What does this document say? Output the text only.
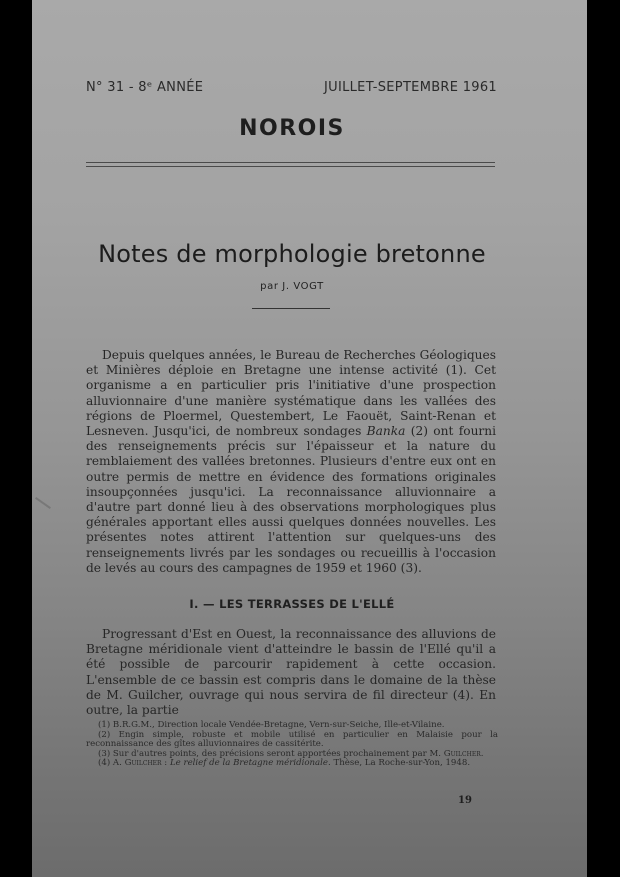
N° 31 - 8ᵉ ANNÉE	JUILLET-SEPTEMBRE 1961
NOROIS
Notes de morphologie bretonne
par J. VOGT
Depuis quelques années, le Bureau de Recherches Géologiques et Minières déploie en Bretagne une intense activité (1). Cet organisme a en particulier pris l'initiative d'une prospection alluvionnaire d'une manière systématique dans les vallées des régions de Ploermel, Questembert, Le Faouët, Saint-Renan et Lesneven. Jusqu'ici, de nombreux sondages Banka (2) ont fourni des renseignements précis sur l'épaisseur et la nature du remblaiement des vallées bretonnes. Plusieurs d'entre eux ont en outre permis de mettre en évidence des formations originales insoupçonnées jusqu'ici. La reconnaissance alluvionnaire a d'autre part donné lieu à des observations morphologiques plus générales apportant elles aussi quelques données nouvelles. Les présentes notes attirent l'attention sur quelques-uns des renseignements livrés par les sondages ou recueillis à l'occasion de levés au cours des campagnes de 1959 et 1960 (3).
I. — LES TERRASSES DE L'ELLÉ
Progressant d'Est en Ouest, la reconnaissance des alluvions de Bretagne méridionale vient d'atteindre le bassin de l'Ellé qu'il a été possible de parcourir rapidement à cette occasion. L'ensemble de ce bassin est compris dans le domaine de la thèse de M. Guilcher, ouvrage qui nous servira de fil directeur (4). En outre, la partie

(1) B.R.G.M., Direction locale Vendée-Bretagne, Vern-sur-Seiche, Ille-et-Vilaine.

(2) Engin simple, robuste et mobile utilisé en particulier en Malaisie pour la reconnaissance des gîtes alluvionnaires de cassitérite.

(3) Sur d'autres points, des précisions seront apportées prochainement par M. Guilcher.

(4) A. Guilcher : Le relief de la Bretagne méridionale. Thèse, La Roche-sur-Yon, 1948.

19
